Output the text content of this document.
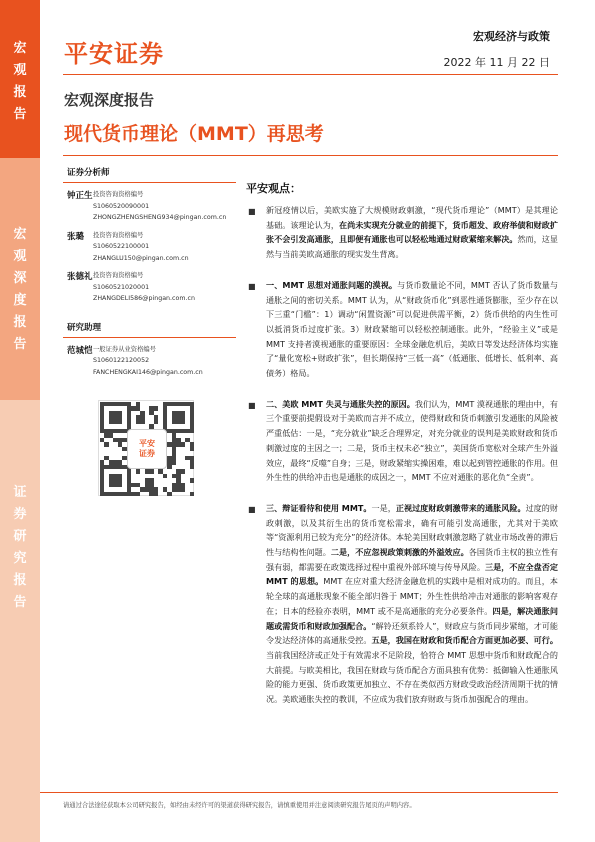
宏
观
报
告
宏
观
深
度
报
告
证
券
研
究
报
告
平安证券
宏观经济与政策
2022 年 11 月 22 日
宏观深度报告
现代货币理论（MMT）再思考
证券分析师
钟正生 投资咨询资格编号
S1060520090001
ZHONGZHENGSHENG934@pingan.com.cn
张璐	投资咨询资格编号
S1060522100001
ZHANGLU150@pingan.com.cn
张德礼 投资咨询资格编号
S1060521020001
ZHANGDELI586@pingan.com.cn
研究助理
范城恺 一般证券从业资格编号
S1060122120052
FANCHENGKAI146@pingan.com.cn
平安
证券
平安观点：
■ 新冠疫情以后，美欧实施了大规模财政刺激，“现代货币理论”（MMT）是其理论基础。该理论认为，在尚未实现充分就业的前提下，货币超发、政府举债和财政扩张不会引发高通胀，且即便有通胀也可以轻松地通过财政紧缩来解决。然而，这显然与当前美欧高通胀的现实发生背离。
■ 一、MMT 思想对通胀问题的漠视。与货币数量论不同，MMT 否认了货币数量与通胀之间的密切关系。MMT 认为，从“财政货币化”到恶性通货膨胀，至少存在以下三重“门槛”：1）调动“闲置资源”可以促进供需平衡，2）货币供给的内生性可以抵消货币过度扩张。3）财政紧缩可以轻松控制通胀。此外，“经验主义”或是 MMT 支持者漠视通胀的重要原因：全球金融危机后，美欧日等发达经济体均实施了“量化宽松+财政扩张”，但长期保持“三低一高”（低通胀、低增长、低利率、高债务）格局。
■ 二、美欧 MMT 失灵与通胀失控的原因。我们认为，MMT 漠视通胀的理由中，有三个重要前提假设对于美欧而言并不成立，使得财政和货币刺激引发通胀的风险被严重低估：一是，“充分就业”缺乏合理界定，对充分就业的误判是美欧财政和货币刺激过度的主因之一；二是，货币主权未必“独立”，美国货币宽松对全球产生外溢效应，最终“反噬”自身；三是，财政紧缩实操困难，难以起到管控通胀的作用。但外生性的供给冲击也是通胀的成因之一，MMT 不应对通胀的恶化负“全责”。
■ 三、辩证看待和使用 MMT。一是，正视过度财政刺激带来的通胀风险。过度的财政刺激，以及其衍生出的货币宽松需求，确有可能引发高通胀，尤其对于美欧等“资源利用已较为充分”的经济体。本轮美国财政刺激忽略了就业市场改善的滞后性与结构性问题。二是，不应忽视政策刺激的外溢效应。各国货币主权的独立性有强有弱，都需要在政策选择过程中重视外部环境与传导风险。三是，不应全盘否定 MMT 的思想。MMT 在应对重大经济金融危机的实践中是相对成功的。而且，本轮全球的高通胀现象不能全部归咎于 MMT；外生性供给冲击对通胀的影响客观存在；日本的经验亦表明，MMT 或不是高通胀的充分必要条件。四是，解决通胀问题或需货币和财政加强配合。“解铃还须系铃人”，财政应与货币同步紧缩，才可能令发达经济体的高通胀受控。五是，我国在财政和货币配合方面更加必要、可行。当前我国经济或正处于有效需求不足阶段，恰符合 MMT 思想中货币和财政配合的大前提。与欧美相比，我国在财政与货币配合方面具独有优势：抵御输入性通胀风险的能力更强、货币政策更加独立、不存在类似西方财政受政治经济周期干扰的情况。美欧通胀失控的教训，不应成为我们放弃财政与货币加强配合的理由。
请通过合法途径获取本公司研究报告，如经由未经许可的渠道获得研究报告，请慎重使用并注意阅读研究报告尾页的声明内容。
